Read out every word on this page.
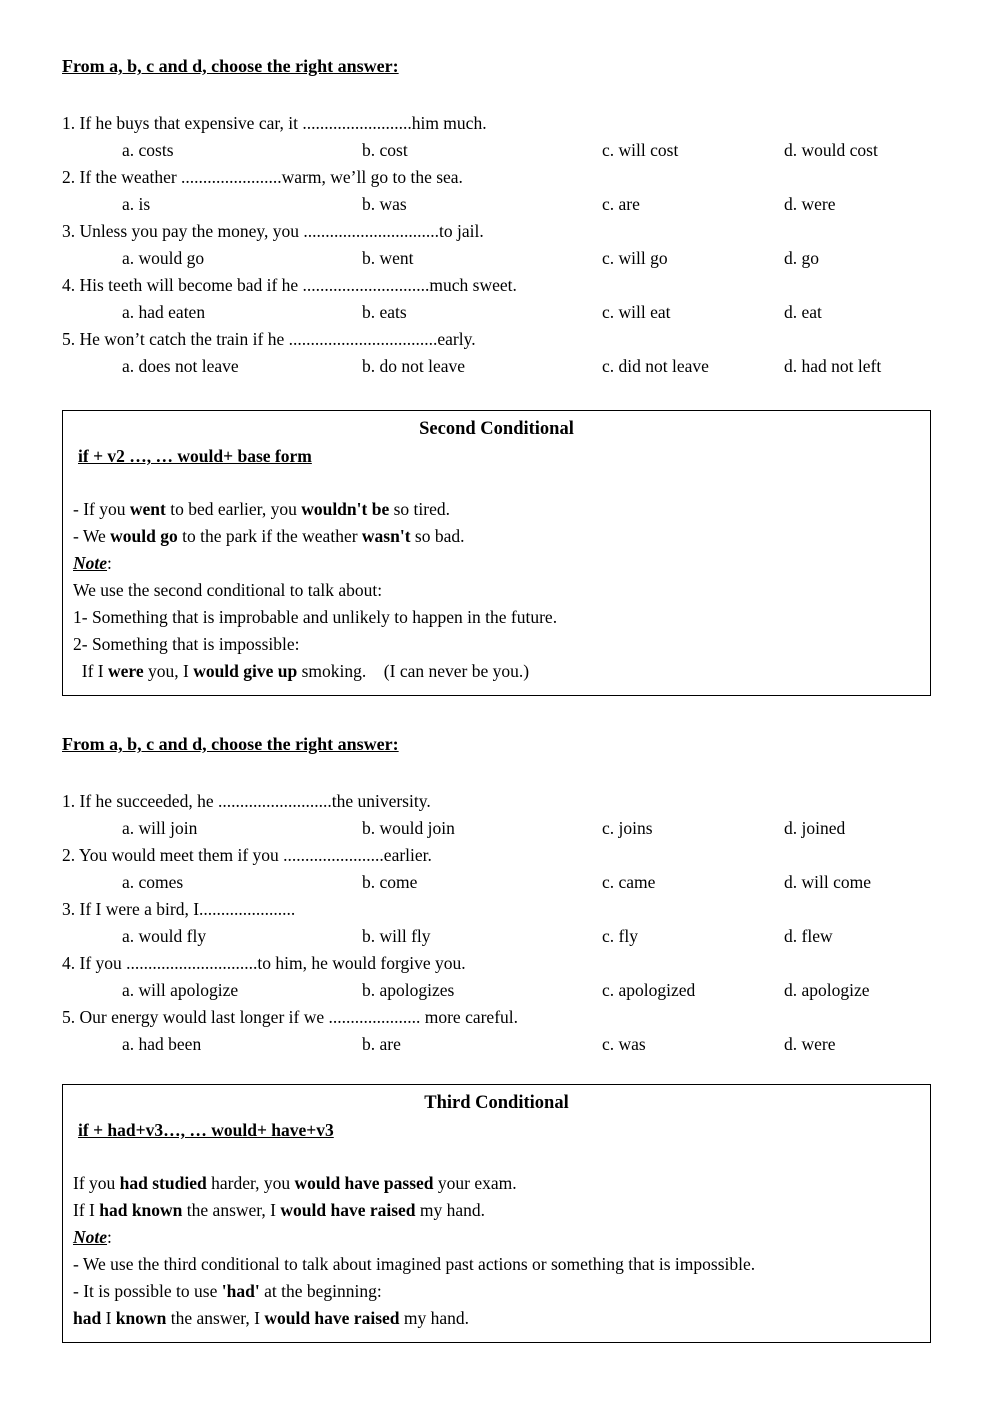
From a, b, c and d, choose the right answer:
1. If he buys that expensive car, it .........................him much.
a. costs	b. cost	c. will cost	d. would cost
2. If the weather .......................warm, we’ll go to the sea.
a. is	b. was	c. are	d. were
3. Unless you pay the money, you ...............................to jail.
a. would go	b. went	c. will go	d. go
4. His teeth will become bad if he .............................much sweet.
a. had eaten	b. eats	c. will eat	d. eat
5. He won’t catch the train if he ..................................early.
a. does not leave	b. do not leave	c. did not leave	d. had not left
Second Conditional
if + v2 …, … would+ base form
- If you went to bed earlier, you wouldn't be so tired.
- We would go to the park if the weather wasn't so bad.
Note:
We use the second conditional to talk about:
1- Something that is improbable and unlikely to happen in the future.
2- Something that is impossible:
If I were you, I would give up smoking.    (I can never be you.)
From a, b, c and d, choose the right answer:
1. If he succeeded, he ..........................the university.
a. will join	b. would join	c. joins	d. joined
2. You would meet them if you .......................earlier.
a. comes	b. come	c. came	d. will come
3. If I were a bird, I......................
a. would fly	b. will fly	c. fly	d. flew
4. If you ..............................to him, he would forgive you.
a. will apologize	b. apologizes	c. apologized	d. apologize
5. Our energy would last longer if we ..................... more careful.
a. had been	b. are	c. was	d. were
Third Conditional
if + had+v3…, … would+ have+v3
If you had studied harder, you would have passed your exam.
If I had known the answer, I would have raised my hand.
Note:
- We use the third conditional to talk about imagined past actions or something that is impossible.
- It is possible to use 'had' at the beginning:
had I known the answer, I would have raised my hand.
